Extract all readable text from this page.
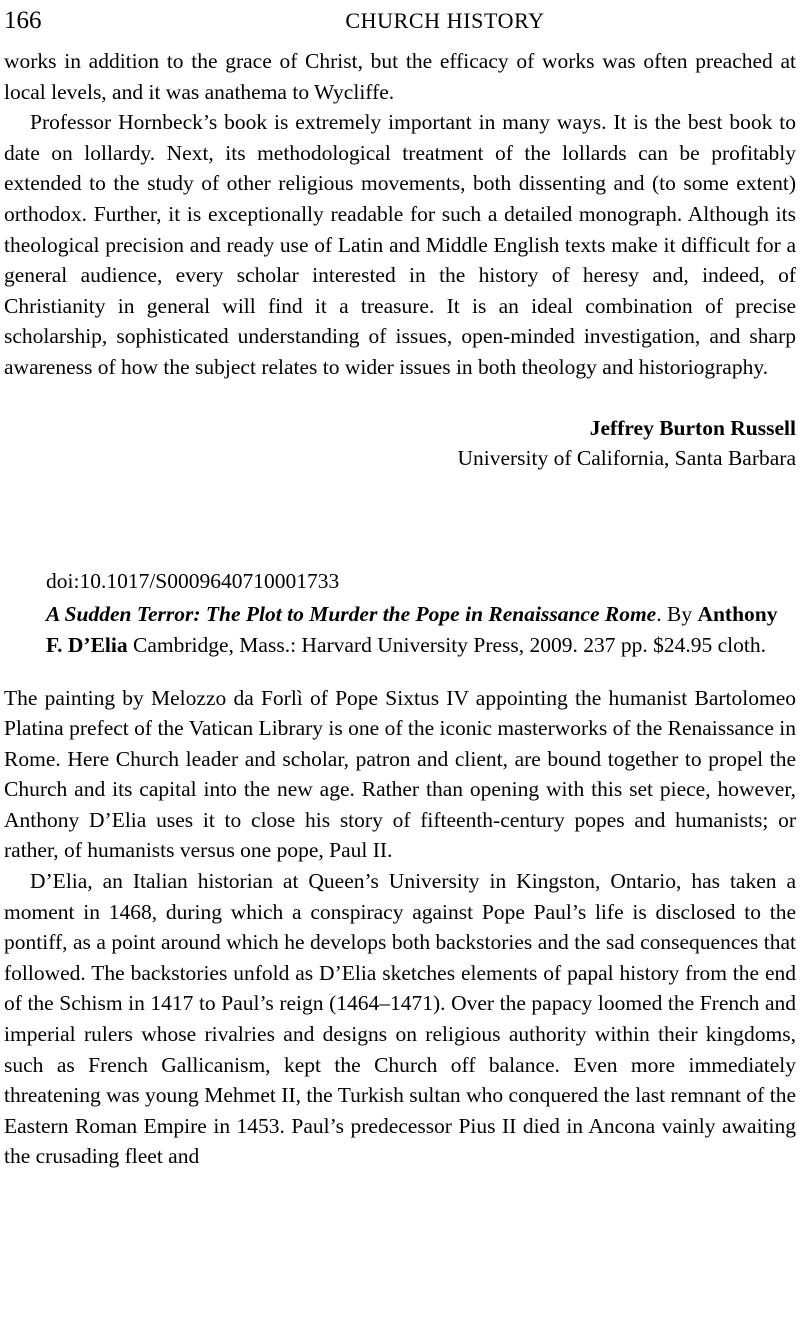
166	CHURCH HISTORY

works in addition to the grace of Christ, but the efficacy of works was often preached at local levels, and it was anathema to Wycliffe.

Professor Hornbeck’s book is extremely important in many ways. It is the best book to date on lollardy. Next, its methodological treatment of the lollards can be profitably extended to the study of other religious movements, both dissenting and (to some extent) orthodox. Further, it is exceptionally readable for such a detailed monograph. Although its theological precision and ready use of Latin and Middle English texts make it difficult for a general audience, every scholar interested in the history of heresy and, indeed, of Christianity in general will find it a treasure. It is an ideal combination of precise scholarship, sophisticated understanding of issues, open-minded investigation, and sharp awareness of how the subject relates to wider issues in both theology and historiography.

Jeffrey Burton Russell
University of California, Santa Barbara

doi:10.1017/S0009640710001733

A Sudden Terror: The Plot to Murder the Pope in Renaissance Rome. By Anthony F. D’Elia Cambridge, Mass.: Harvard University Press, 2009. 237 pp. $24.95 cloth.

The painting by Melozzo da Forlì of Pope Sixtus IV appointing the humanist Bartolomeo Platina prefect of the Vatican Library is one of the iconic masterworks of the Renaissance in Rome. Here Church leader and scholar, patron and client, are bound together to propel the Church and its capital into the new age. Rather than opening with this set piece, however, Anthony D’Elia uses it to close his story of fifteenth-century popes and humanists; or rather, of humanists versus one pope, Paul II.

D’Elia, an Italian historian at Queen’s University in Kingston, Ontario, has taken a moment in 1468, during which a conspiracy against Pope Paul’s life is disclosed to the pontiff, as a point around which he develops both backstories and the sad consequences that followed. The backstories unfold as D’Elia sketches elements of papal history from the end of the Schism in 1417 to Paul’s reign (1464–1471). Over the papacy loomed the French and imperial rulers whose rivalries and designs on religious authority within their kingdoms, such as French Gallicanism, kept the Church off balance. Even more immediately threatening was young Mehmet II, the Turkish sultan who conquered the last remnant of the Eastern Roman Empire in 1453. Paul’s predecessor Pius II died in Ancona vainly awaiting the crusading fleet and
